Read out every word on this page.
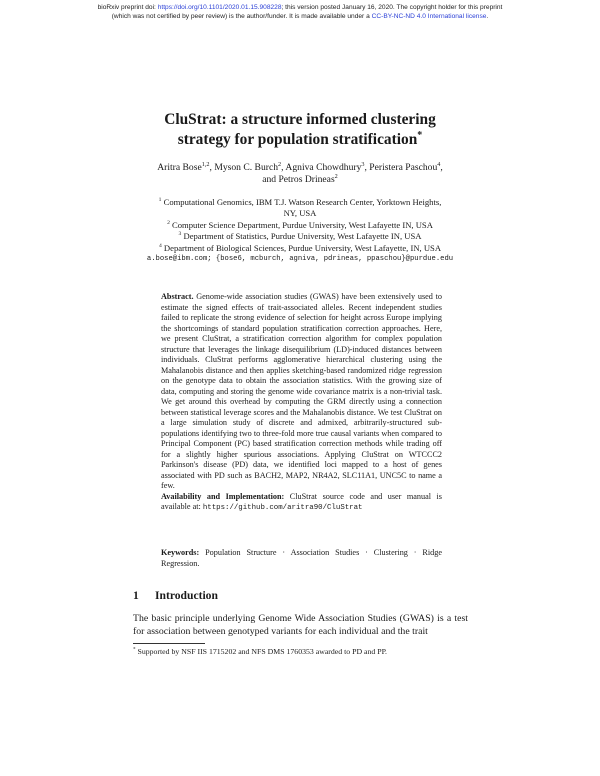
bioRxiv preprint doi: https://doi.org/10.1101/2020.01.15.908228; this version posted January 16, 2020. The copyright holder for this preprint
(which was not certified by peer review) is the author/funder. It is made available under a CC-BY-NC-ND 4.0 International license.
CluStrat: a structure informed clustering
strategy for population stratification*
Aritra Bose$^{1,2}$, Myson C. Burch$^2$, Agniva Chowdhury$^3$, Peristera Paschou$^4$,
and Petros Drineas$^2$
$^1$ Computational Genomics, IBM T.J. Watson Research Center, Yorktown Heights,
NY, USA
$^2$ Computer Science Department, Purdue University, West Lafayette IN, USA
$^3$ Department of Statistics, Purdue University, West Lafayette IN, USA
$^4$ Department of Biological Sciences, Purdue University, West Lafayette, IN, USA
a.bose@ibm.com; {bose6, mcburch, agniva, pdrineas, ppaschou}@purdue.edu
Abstract. Genome-wide association studies (GWAS) have been extensively used to estimate the signed effects of trait-associated alleles. Recent independent studies failed to replicate the strong evidence of selection for height across Europe implying the shortcomings of standard population stratification correction approaches. Here, we present CluStrat, a stratification correction algorithm for complex population structure that leverages the linkage disequilibrium (LD)-induced distances between individuals. CluStrat performs agglomerative hierarchical clustering using the Mahalanobis distance and then applies sketching-based randomized ridge regression on the genotype data to obtain the association statistics. With the growing size of data, computing and storing the genome wide covariance matrix is a non-trivial task. We get around this overhead by computing the GRM directly using a connection between statistical leverage scores and the Mahalanobis distance. We test CluStrat on a large simulation study of discrete and admixed, arbitrarily-structured sub-populations identifying two to three-fold more true causal variants when compared to Principal Component (PC) based stratification correction methods while trading off for a slightly higher spurious associations. Applying CluStrat on WTCCC2 Parkinson's disease (PD) data, we identified loci mapped to a host of genes associated with PD such as BACH2, MAP2, NR4A2, SLC11A1, UNC5C to name a few.
Availability and Implementation: CluStrat source code and user manual is available at: https://github.com/aritra90/CluStrat
Keywords: Population Structure · Association Studies · Clustering · Ridge Regression.
1 Introduction
The basic principle underlying Genome Wide Association Studies (GWAS) is a test for association between genotyped variants for each individual and the trait
* Supported by NSF IIS 1715202 and NFS DMS 1760353 awarded to PD and PP.
